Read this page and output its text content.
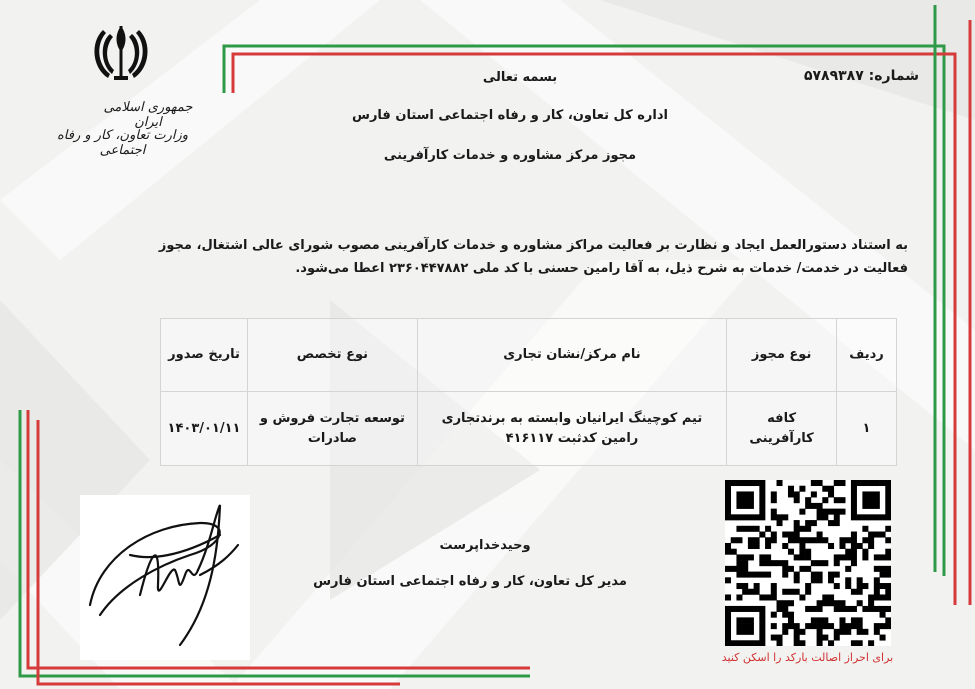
جمهوری اسلامی ایران
وزارت تعاون، کار و رفاه اجتماعی
شماره: ۵۷۸۹۳۸۷
بسمه تعالی
اداره کل تعاون، کار و رفاه اجتماعی استان فارس
مجوز مرکز مشاوره و خدمات کارآفرینی
به استناد دستورالعمل ایجاد و نظارت بر فعالیت مراکز مشاوره و خدمات کارآفرینی مصوب شورای عالی اشتغال، مجوز فعالیت در خدمت/ خدمات به شرح ذیل، به آقا رامین حسنی با کد ملی ۲۳۶۰۴۴۷۸۸۲ اعطا می‌شود.
ردیف	نوع مجوز	نام مرکز/نشان تجاری	نوع تخصص	تاریخ صدور
۱	کافه کارآفرینی	تیم کوچینگ ایرانیان وابسته به برندتجاری رامین کدثبت ۴۱۶۱۱۷	توسعه تجارت فروش و صادرات	۱۴۰۳/۰۱/۱۱
وحیدخداپرست
مدیر کل تعاون، کار و رفاه اجتماعی استان فارس
برای احراز اصالت بارکد را اسکن کنید
